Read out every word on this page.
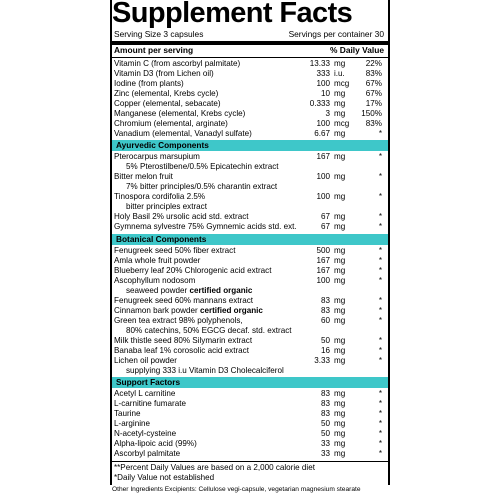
Supplement Facts
Serving Size 3 capsules	Servings per container 30
Amount per serving	% Daily Value
Vitamin C (from ascorbyl palmitate)	13.33 mg	22%
Vitamin D3 (from Lichen oil)	333 i.u.	83%
Iodine (from plants)	100 mcg	67%
Zinc (elemental, Krebs cycle)	10 mg	67%
Copper (elemental, sebacate)	0.333 mg	17%
Manganese (elemental, Krebs cycle)	3 mg	150%
Chromium (elemental, arginate)	100 mcg	83%
Vanadium (elemental, Vanadyl sulfate)	6.67 mg	*
Ayurvedic Components
Pterocarpus marsupium	167 mg	*
5% Pterostilbene/0.5% Epicatechin extract
Bitter melon fruit	100 mg	*
7% bitter principles/0.5% charantin extract
Tinospora cordifolia 2.5%	100 mg	*
bitter principles extract
Holy Basil 2% ursolic acid std. extract	67 mg	*
Gymnema sylvestre 75% Gymnemic acids std. ext.	67 mg	*
Botanical Components
Fenugreek seed 50% fiber extract	500 mg	*
Amla whole fruit powder	167 mg	*
Blueberry leaf 20% Chlorogenic acid extract	167 mg	*
Ascophyllum nodosom	100 mg	*
seaweed powder certified organic
Fenugreek seed 60% mannans extract	83 mg	*
Cinnamon bark powder certified organic	83 mg	*
Green tea extract 98% polyphenols,	60 mg	*
80% catechins, 50% EGCG decaf. std. extract
Milk thistle seed 80% Silymarin extract	50 mg	*
Banaba leaf 1% corosolic acid extract	16 mg	*
Lichen oil powder	3.33 mg	*
supplying 333 i.u Vitamin D3 Cholecalciferol
Support Factors
Acetyl L carnitine	83 mg	*
L-carnitine fumarate	83 mg	*
Taurine	83 mg	*
L-arginine	50 mg	*
N-acetyl-cysteine	50 mg	*
Alpha-lipoic acid (99%)	33 mg	*
Ascorbyl palmitate	33 mg	*
**Percent Daily Values are based on a 2,000 calorie diet
*Daily Value not established
Other Ingredients Excipients: Cellulose vegi-capsule, vegetarian magnesium stearate
